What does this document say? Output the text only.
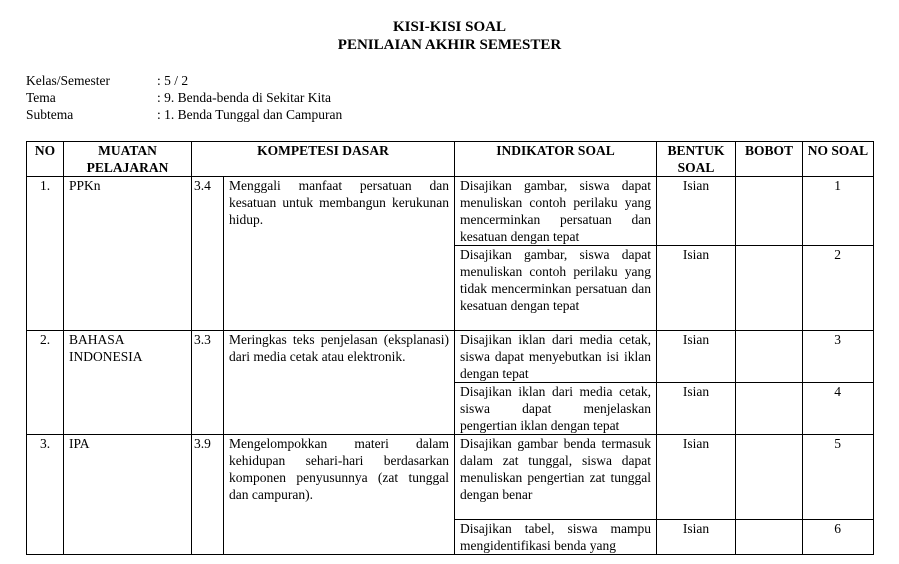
KISI-KISI SOAL
PENILAIAN AKHIR SEMESTER
Kelas/Semester	: 5 / 2
Tema	: 9. Benda-benda di Sekitar Kita
Subtema	: 1. Benda Tunggal dan Campuran
NO	MUATAN PELAJARAN	KOMPETESI DASAR		INDIKATOR SOAL	BENTUK SOAL	BOBOT	NO SOAL
1.	PPKn	3.4	Menggali manfaat persatuan dan kesatuan untuk membangun kerukunan hidup.	Disajikan gambar, siswa dapat menuliskan contoh perilaku yang mencerminkan persatuan dan kesatuan dengan tepat	Isian		1
				Disajikan gambar, siswa dapat menuliskan contoh perilaku yang tidak mencerminkan persatuan dan kesatuan dengan tepat	Isian		2
2.	BAHASA INDONESIA	3.3	Meringkas teks penjelasan (eksplanasi) dari media cetak atau elektronik.	Disajikan iklan dari media cetak, siswa dapat menyebutkan isi iklan dengan tepat	Isian		3
				Disajikan iklan dari media cetak, siswa dapat menjelaskan pengertian iklan dengan tepat	Isian		4
3.	IPA	3.9	Mengelompokkan materi dalam kehidupan sehari-hari berdasarkan komponen penyusunnya (zat tunggal dan campuran).	Disajikan gambar benda termasuk dalam zat tunggal, siswa dapat menuliskan pengertian zat tunggal dengan benar	Isian		5
				Disajikan tabel, siswa mampu mengidentifikasi benda yang	Isian		6
